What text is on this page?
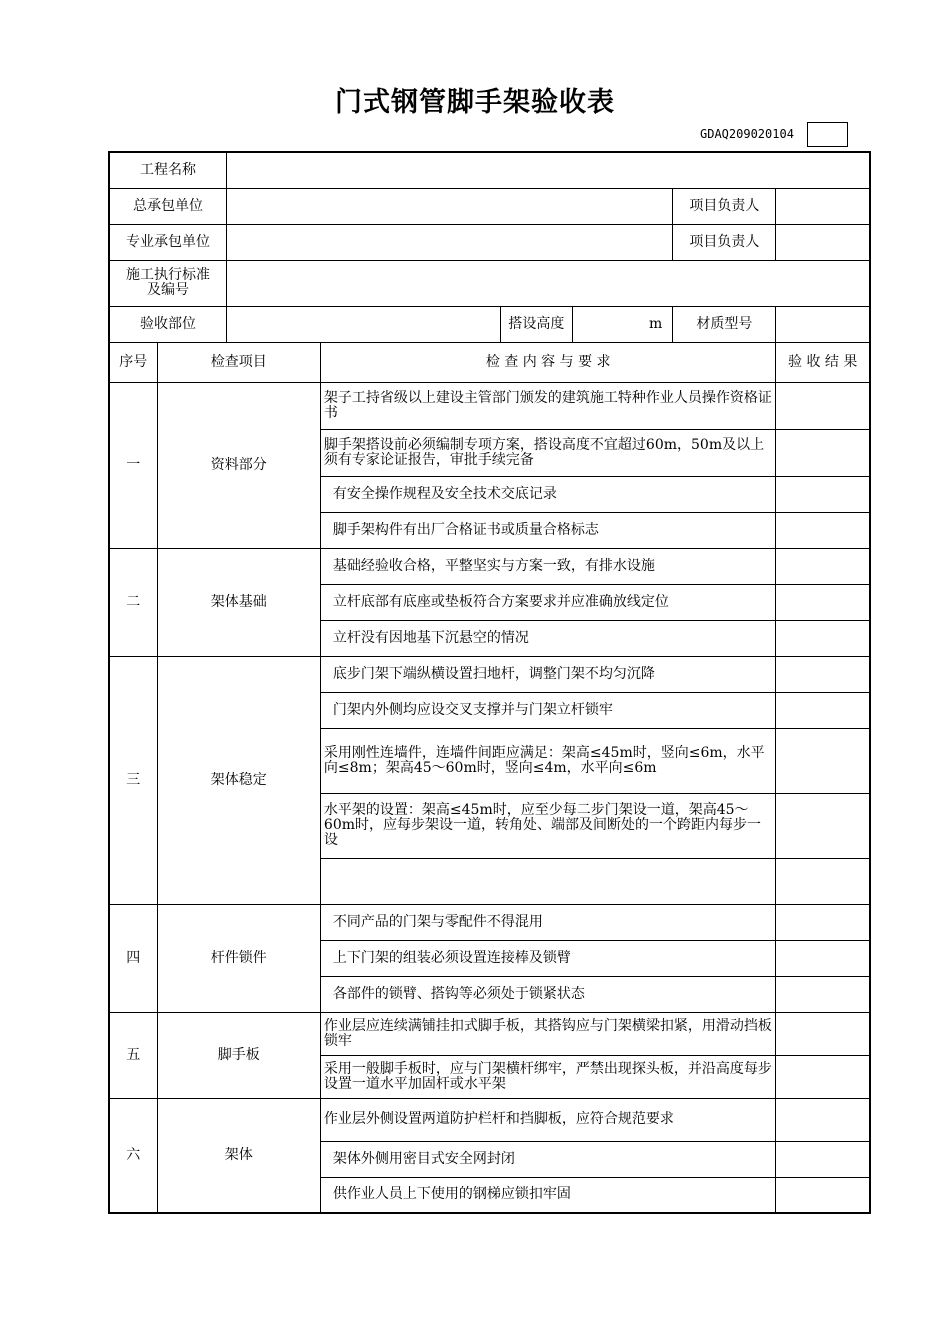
门式钢管脚手架验收表
GDAQ209020104
工程名称							
总承包单位						项目负责人	
专业承包单位						项目负责人	
施工执行标准及编号							
验收部位				搭设高度	m	材质型号	
序号	检查项目		检 查 内 容 与 要 求				验 收 结 果
一	资料部分		架子工持省级以上建设主管部门颁发的建筑施工特种作业人员操作资格证书				
			脚手架搭设前必须编制专项方案，搭设高度不宜超过60m，50m及以上须有专家论证报告，审批手续完备				
			有安全操作规程及安全技术交底记录				
			脚手架构件有出厂合格证书或质量合格标志				
二	架体基础		基础经验收合格，平整坚实与方案一致，有排水设施				
			立杆底部有底座或垫板符合方案要求并应准确放线定位				
			立杆没有因地基下沉悬空的情况				
三	架体稳定		底步门架下端纵横设置扫地杆，调整门架不均匀沉降				
			门架内外侧均应设交叉支撑并与门架立杆锁牢				
			采用刚性连墙件，连墙件间距应满足：架高≤45m时，竖向≤6m，水平向≤8m；架高45～60m时，竖向≤4m，水平向≤6m				
			水平架的设置：架高≤45m时，应至少每二步门架设一道，架高45～60m时，应每步架设一道，转角处、端部及间断处的一个跨距内每步一设				

四	杆件锁件		不同产品的门架与零配件不得混用				
			上下门架的组装必须设置连接棒及锁臂				
			各部件的锁臂、搭钩等必须处于锁紧状态				
五	脚手板		作业层应连续满铺挂扣式脚手板，其搭钩应与门架横梁扣紧，用滑动挡板锁牢				
			采用一般脚手板时，应与门架横杆绑牢，严禁出现探头板，并沿高度每步设置一道水平加固杆或水平架				
六	架体		作业层外侧设置两道防护栏杆和挡脚板，应符合规范要求				
			架体外侧用密目式安全网封闭				
			供作业人员上下使用的钢梯应锁扣牢固				
